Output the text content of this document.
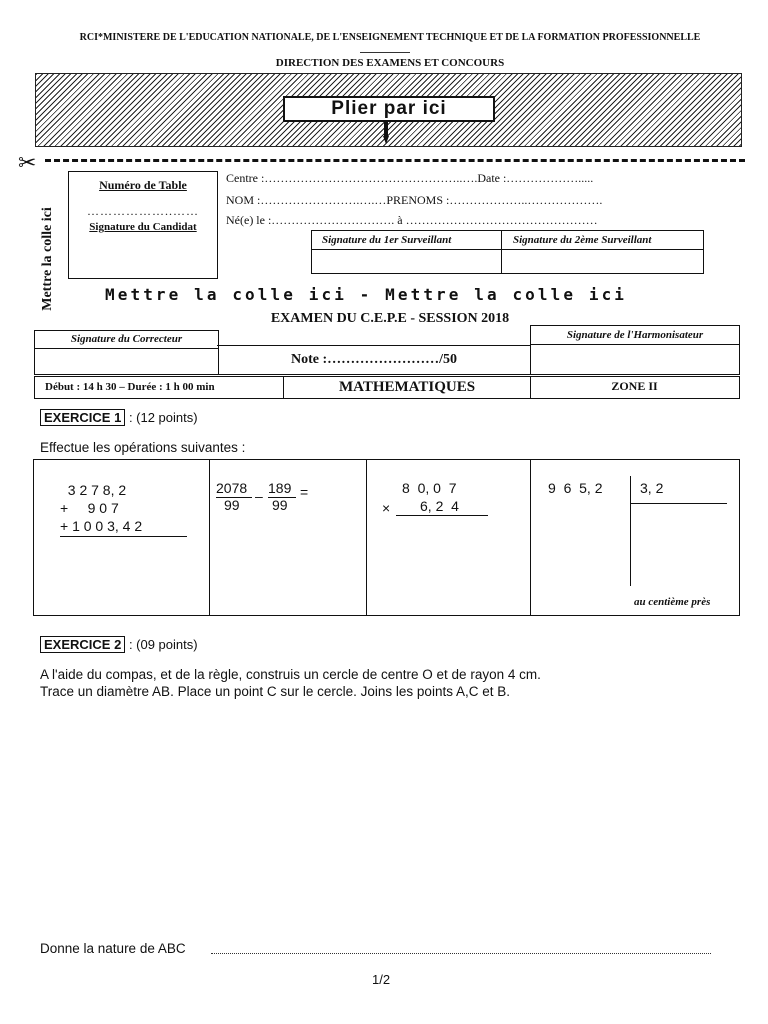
RCI*MINISTERE DE L'EDUCATION NATIONALE, DE L'ENSEIGNEMENT TECHNIQUE ET DE LA FORMATION PROFESSIONNELLE
DIRECTION DES EXAMENS ET CONCOURS
Plier par ici
✂
Mettre la colle ici
Numéro de Table
………………..……
Signature du Candidat
Centre :…………………………………………..….Date :……………….....
NOM :…………………….….…PRENOMS :………………..……………….
Né(e) le :…………………………. à …………………………………………
Signature du 1er Surveillant	Signature du 2ème Surveillant
Mettre la colle ici - Mettre la colle ici
EXAMEN DU C.E.P.E - SESSION 2018
Signature du Correcteur
Note :……………………/50
Signature de l'Harmonisateur
Début : 14 h 30 – Durée : 1 h 00 min	MATHEMATIQUES	ZONE II
EXERCICE 1 : (12 points)
Effectue les opérations suivantes :
3 2 7 8, 2
+     9 0 7
+ 1 0 0 3, 4 2
2078
99
– 189
99
=	8  0, 0  7
× 6, 2  4
9  6  5, 2	3, 2
au centième près
EXERCICE 2 : (09 points)
A l'aide du compas, et de la règle, construis un cercle de centre O et de rayon 4 cm.
Trace un diamètre AB. Place un point C sur le cercle. Joins les points A,C et B.
Donne la nature de ABC
1/2
